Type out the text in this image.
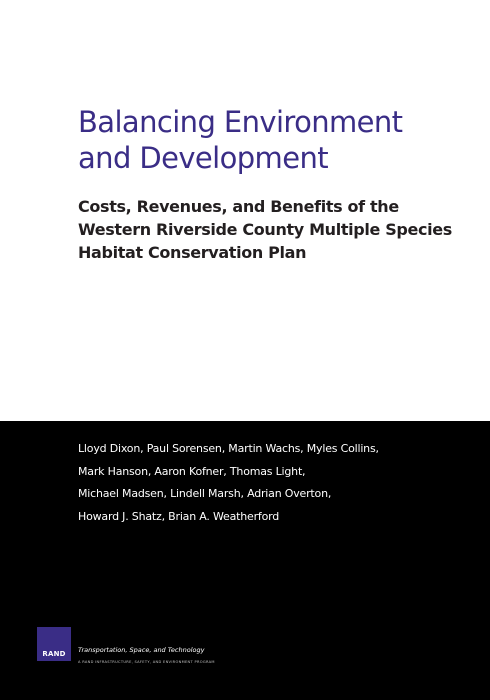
Balancing Environment
and Development
Costs, Revenues, and Benefits of the
Western Riverside County Multiple Species
Habitat Conservation Plan
Lloyd Dixon, Paul Sorensen, Martin Wachs, Myles Collins,
Mark Hanson, Aaron Kofner, Thomas Light,
Michael Madsen, Lindell Marsh, Adrian Overton,
Howard J. Shatz, Brian A. Weatherford
RAND	Transportation, Space, and Technology
A RAND INFRASTRUCTURE, SAFETY, AND ENVIRONMENT PROGRAM
